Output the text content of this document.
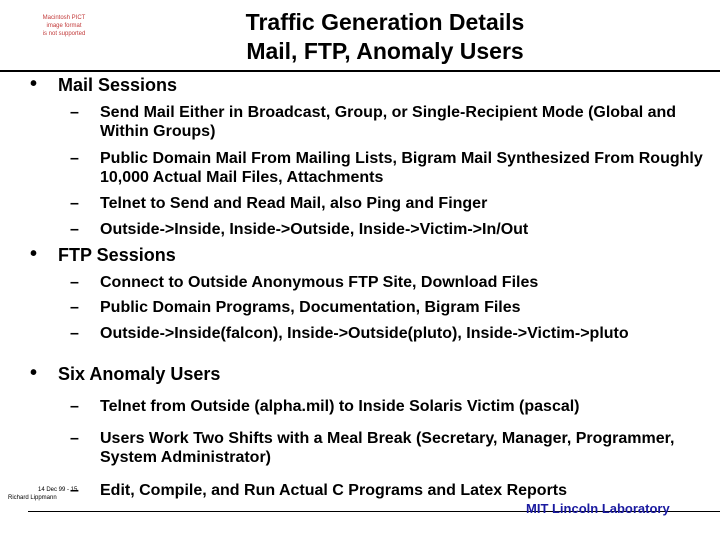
Macintosh PICT
image format
is not supported	Traffic Generation Details
Mail, FTP, Anomaly Users
• Mail Sessions
– Send Mail Either in Broadcast, Group, or Single-Recipient Mode (Global and Within Groups)
– Public Domain Mail From Mailing Lists, Bigram Mail Synthesized From Roughly 10,000 Actual Mail Files, Attachments
– Telnet to Send and Read Mail, also Ping and Finger
– Outside->Inside, Inside->Outside, Inside->Victim->In/Out
• FTP Sessions
– Connect to Outside Anonymous FTP Site, Download Files
– Public Domain Programs, Documentation, Bigram Files
– Outside->Inside(falcon), Inside->Outside(pluto), Inside->Victim->pluto
• Six Anomaly Users
– Telnet from Outside (alpha.mil) to Inside Solaris Victim (pascal)
– Users Work Two Shifts with a Meal Break (Secretary, Manager, Programmer, System Administrator)
– Edit, Compile, and Run Actual C Programs and Latex Reports
14 Dec 99 - 15
Richard Lippmann
MIT Lincoln Laboratory
